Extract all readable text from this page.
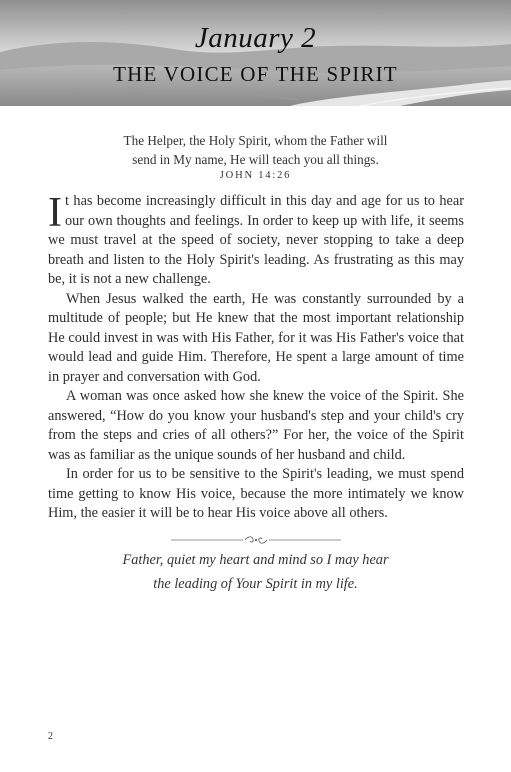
January 2
THE VOICE OF THE SPIRIT
The Helper, the Holy Spirit, whom the Father will
send in My name, He will teach you all things.
JOHN 14:26

It has become increasingly difficult in this day and age for us to hear our own thoughts and feelings. In order to keep up with life, it seems we must travel at the speed of society, never stopping to take a deep breath and listen to the Holy Spirit's leading. As frustrating as this may be, it is not a new challenge.

When Jesus walked the earth, He was constantly surrounded by a multitude of people; but He knew that the most important relationship He could invest in was with His Father, for it was His Father's voice that would lead and guide Him. Therefore, He spent a large amount of time in prayer and conversation with God.

A woman was once asked how she knew the voice of the Spirit. She answered, “How do you know your husband's step and your child's cry from the steps and cries of all others?” For her, the voice of the Spirit was as familiar as the unique sounds of her husband and child.

In order for us to be sensitive to the Spirit's leading, we must spend time getting to know His voice, because the more intimately we know Him, the easier it will be to hear His voice above all others.

Father, quiet my heart and mind so I may hear
the leading of Your Spirit in my life.
2
